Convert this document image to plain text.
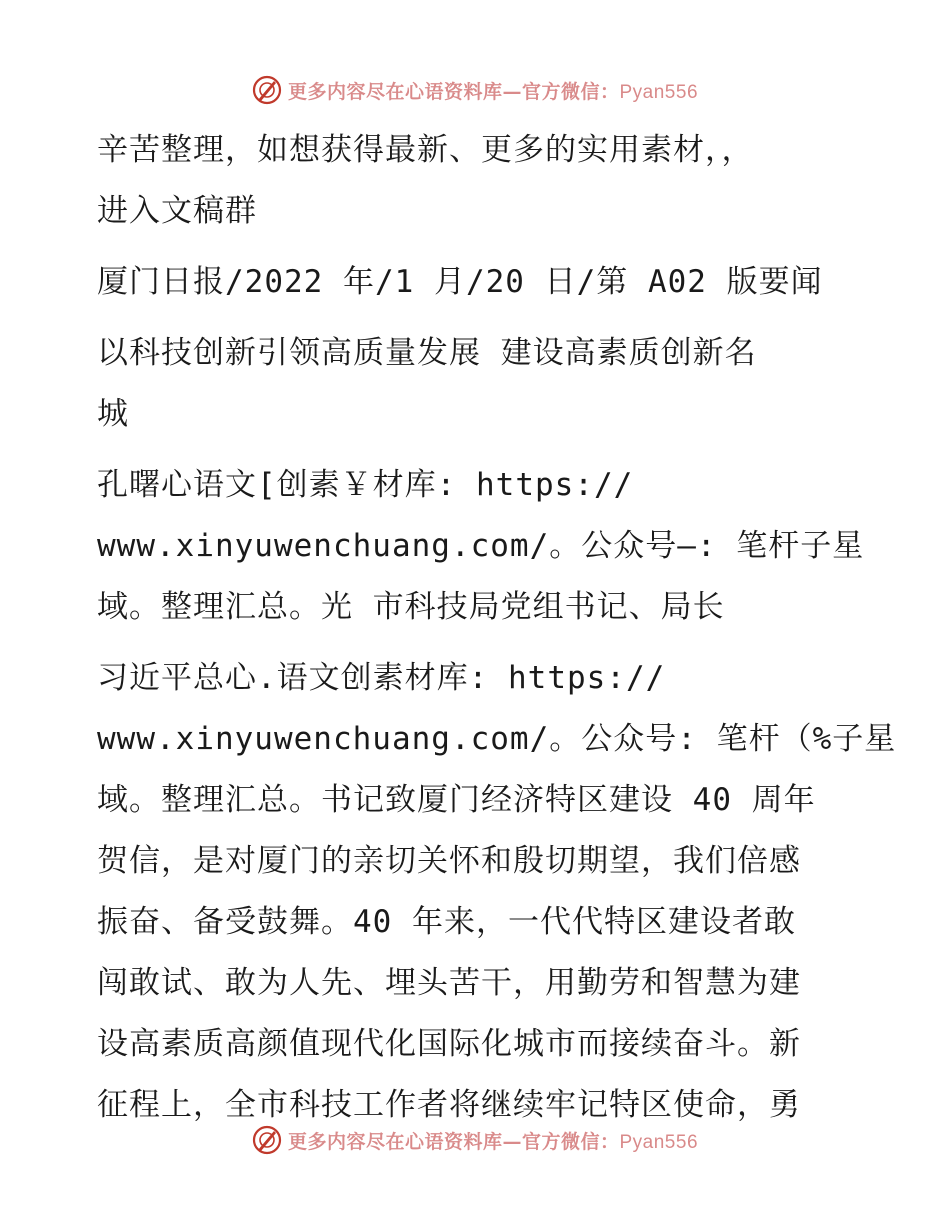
更多内容尽在心语资料库—官方微信：Pyan556

辛苦整理，如想获得最新、更多的实用素材，，
进入文稿群

厦门日报/2022 年/1 月/20 日/第 A02 版要闻

以科技创新引领高质量发展 建设高素质创新名
城

孔曙心语文[创素￥材库: https://
www.xinyuwenchuang.com/。公众号—: 笔杆子星
域。整理汇总。光 市科技局党组书记、局长

习近平总心.语文创素材库: https://
www.xinyuwenchuang.com/。公众号: 笔杆（%子星
域。整理汇总。书记致厦门经济特区建设 40 周年
贺信，是对厦门的亲切关怀和殷切期望，我们倍感
振奋、备受鼓舞。40 年来，一代代特区建设者敢
闯敢试、敢为人先、埋头苦干，用勤劳和智慧为建
设高素质高颜值现代化国际化城市而接续奋斗。新
征程上，全市科技工作者将继续牢记特区使命，勇

更多内容尽在心语资料库—官方微信：Pyan556
